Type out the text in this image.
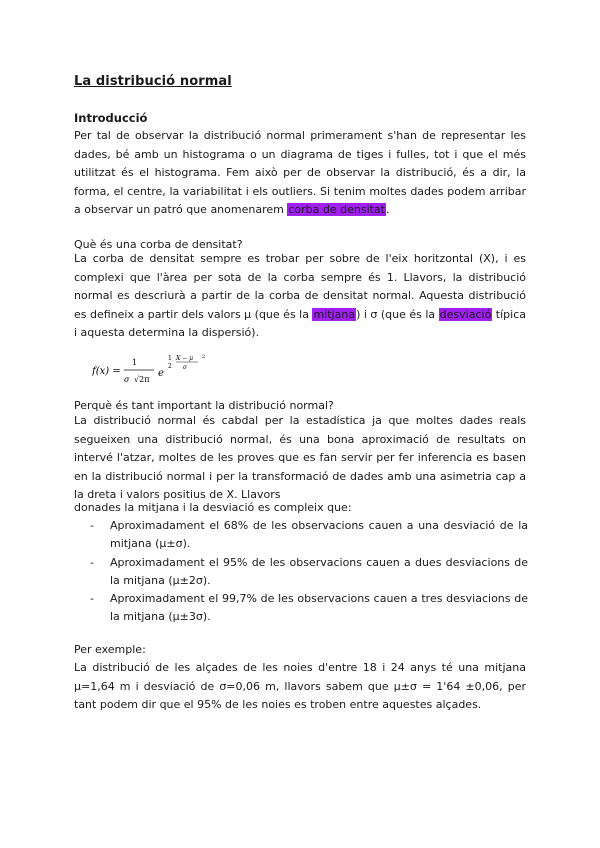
La distribució normal
Introducció
Per tal de observar la distribució normal primerament s'han de representar les dades, bé amb un histograma o un diagrama de tiges i fulles, tot i que el més utilitzat és el histograma. Fem això per de observar la distribució, és a dir, la forma, el centre, la variabilitat i els outliers. Si tenim moltes dades podem arribar a observar un patró que anomenarem corba de densitat.
Què és una corba de densitat?
La corba de densitat sempre es trobar per sobre de l'eix horitzontal (X), i es complexi que l'àrea per sota de la corba sempre és 1. Llavors, la distribució normal es descriurà a partir de la corba de densitat normal. Aquesta distribució es defineix a partir dels valors μ (que és la mitjana) i σ (que és la desviació típica i aquesta determina la dispersió).
f(x) =
1
σ √2π
e
1
2
X − μ
σ
2
Perquè és tant important la distribució normal?
La distribució normal és cabdal per la estadística ja que moltes dades reals segueixen una distribució normal, és una bona aproximació de resultats on intervé l'atzar, moltes de les proves que es fan servir per fer inferencia es basen en la distribució normal i per la transformació de dades amb una asimetria cap a la dreta i valors positius de X. Llavors
donades la mitjana i la desviació es compleix que:
- Aproximadament el 68% de les observacions cauen a una desviació de la mitjana (μ±σ).
- Aproximadament el 95% de les observacions cauen a dues desviacions de la mitjana (μ±2σ).
- Aproximadament el 99,7% de les observacions cauen a tres desviacions de la mitjana (μ±3σ).
Per exemple:
La distribució de les alçades de les noies d'entre 18 i 24 anys té una mitjana μ=1,64 m i desviació de σ=0,06 m, llavors sabem que μ±σ = 1'64 ±0,06, per tant podem dir que el 95% de les noies es troben entre aquestes alçades.
